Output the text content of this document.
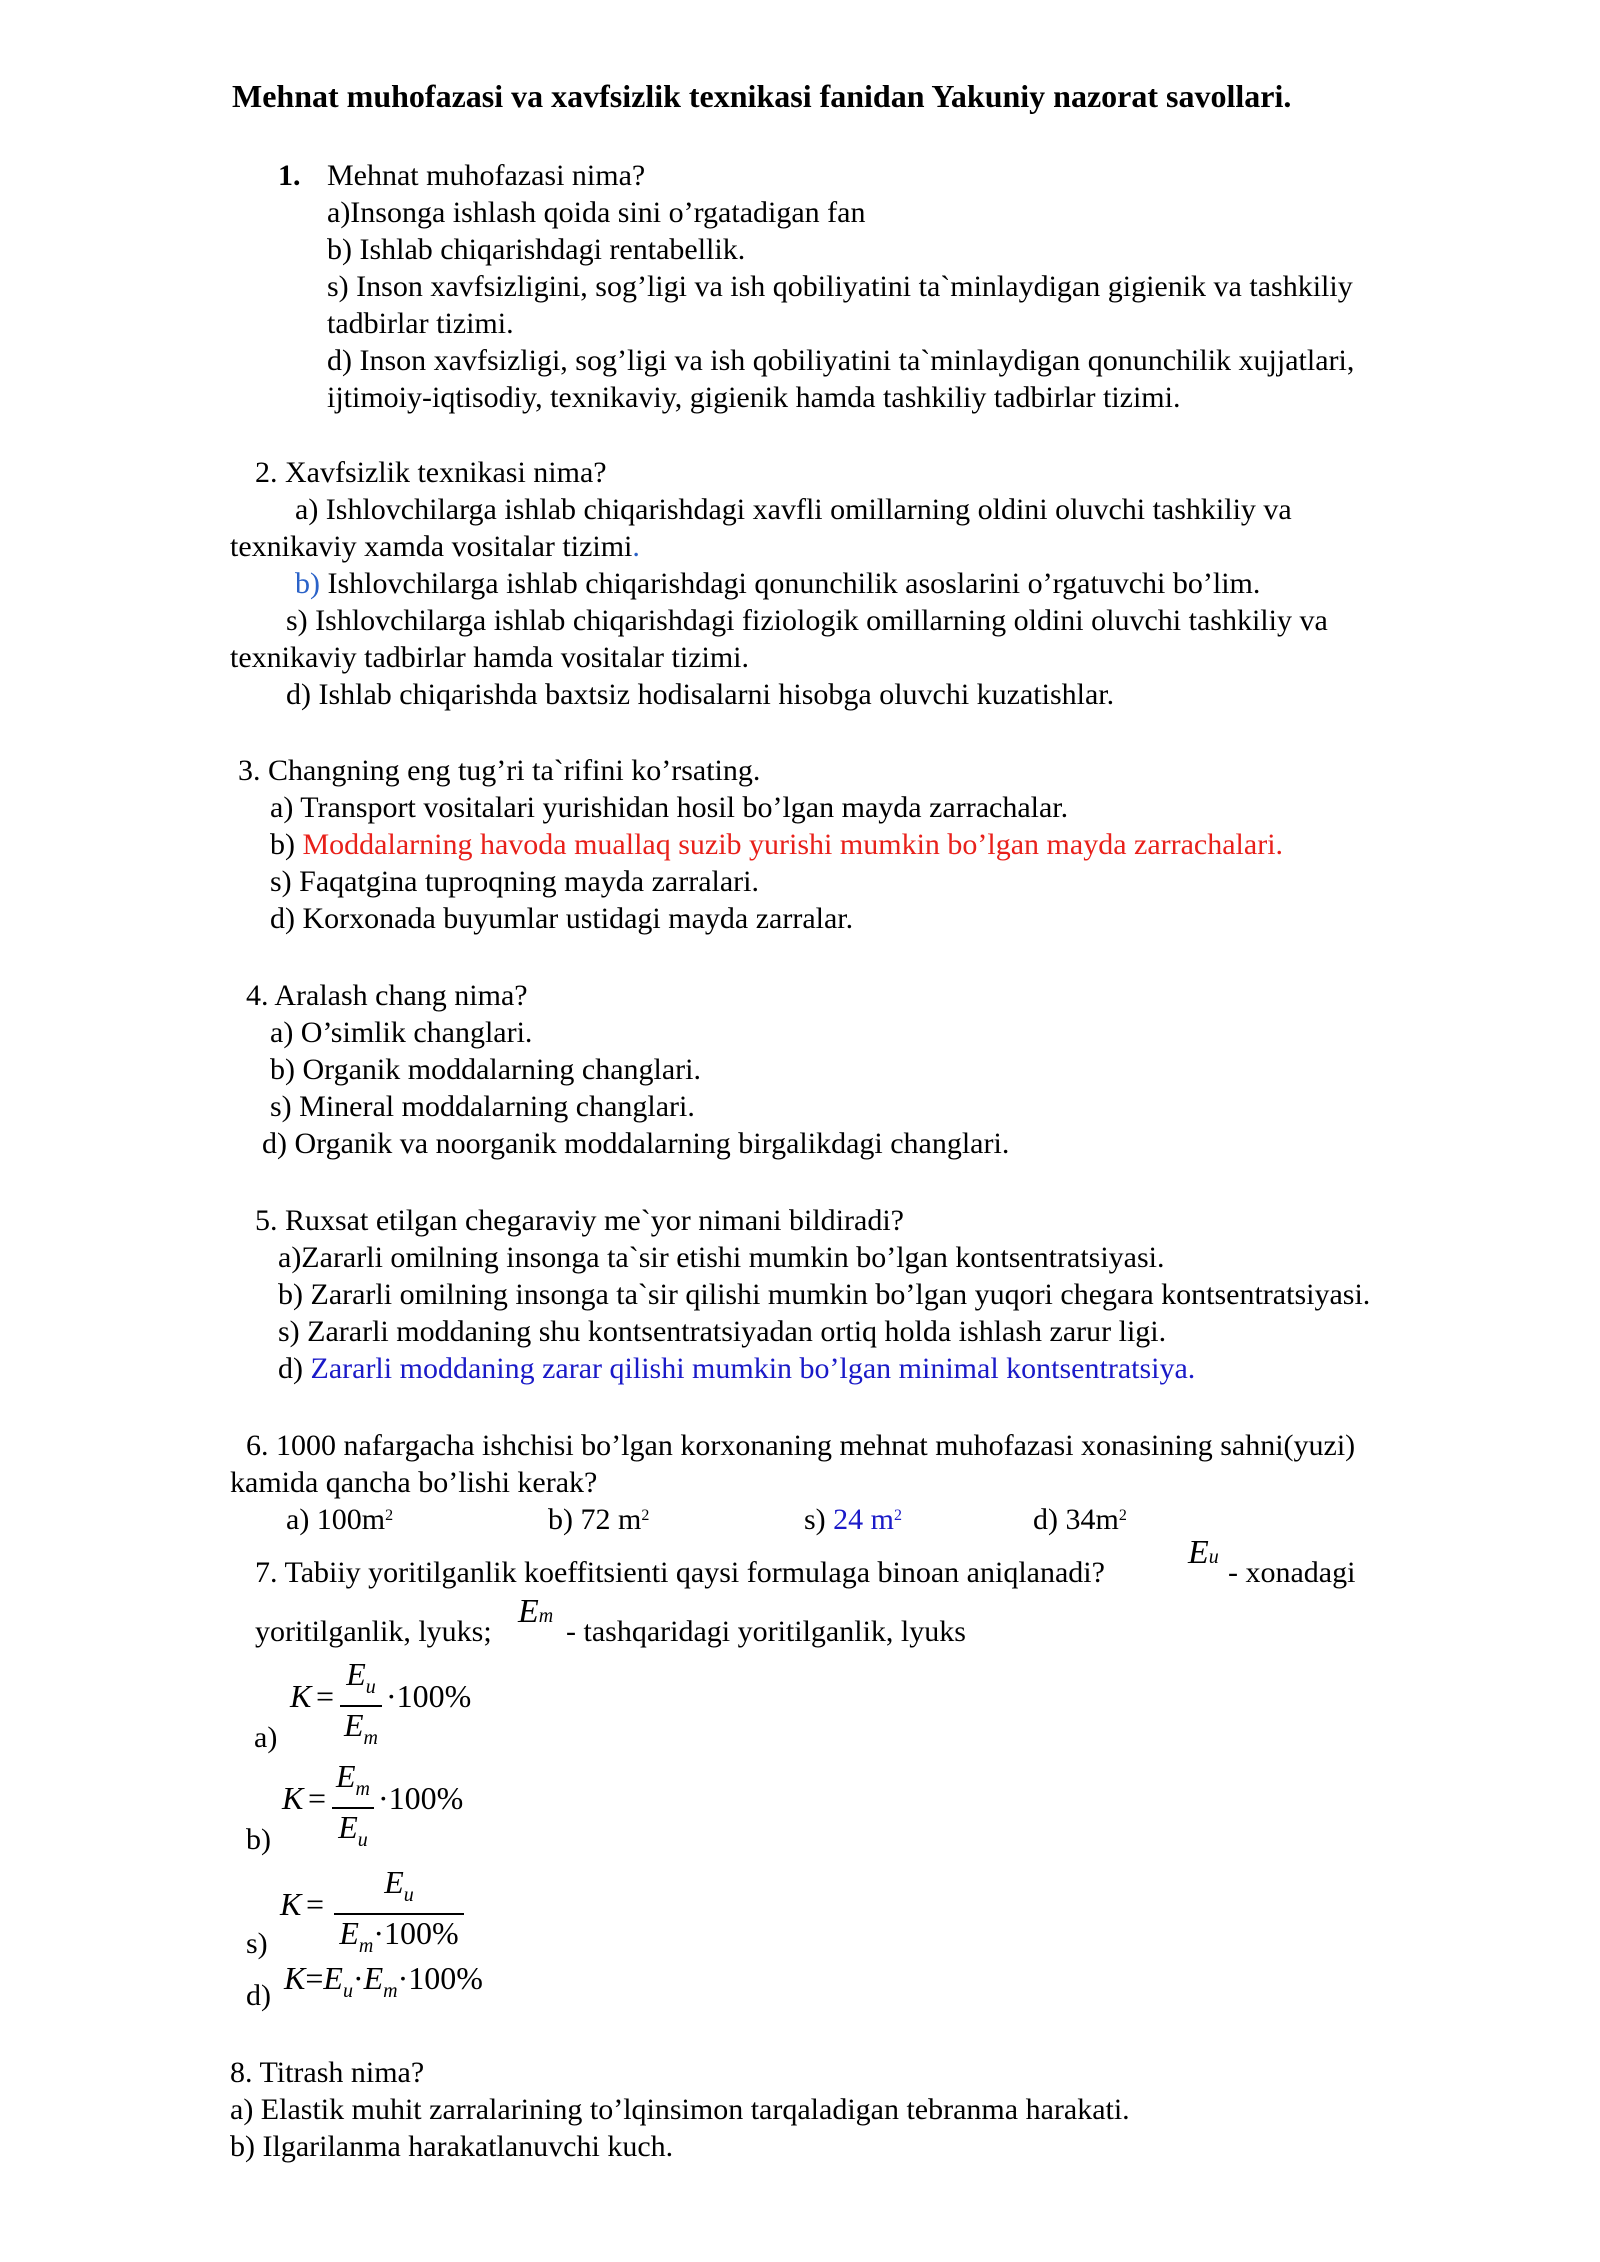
Mehnat muhofazasi va xavfsizlik texnikasi fanidan Yakuniy nazorat savollari.
1. Mehnat muhofazasi nima?
a)Insonga ishlash qoida sini o’rgatadigan fan
b) Ishlab chiqarishdagi rentabellik.
s) Inson xavfsizligini, sog’ligi va ish qobiliyatini ta`minlaydigan gigienik va tashkiliy
tadbirlar tizimi.
d) Inson xavfsizligi, sog’ligi va ish qobiliyatini ta`minlaydigan qonunchilik xujjatlari,
ijtimoiy-iqtisodiy, texnikaviy, gigienik hamda tashkiliy tadbirlar tizimi.
2. Xavfsizlik texnikasi nima?
a) Ishlovchilarga ishlab chiqarishdagi xavfli omillarning oldini oluvchi tashkiliy va
texnikaviy xamda vositalar tizimi.
b) Ishlovchilarga ishlab chiqarishdagi qonunchilik asoslarini o’rgatuvchi bo’lim.
s) Ishlovchilarga ishlab chiqarishdagi fiziologik omillarning oldini oluvchi tashkiliy va
texnikaviy tadbirlar hamda vositalar tizimi.
d) Ishlab chiqarishda baxtsiz hodisalarni hisobga oluvchi kuzatishlar.
3. Changning eng tug’ri ta`rifini ko’rsating.
a) Transport vositalari yurishidan hosil bo’lgan mayda zarrachalar.
b) Moddalarning havoda muallaq suzib yurishi mumkin bo’lgan mayda zarrachalari.
s) Faqatgina tuproqning mayda zarralari.
d) Korxonada buyumlar ustidagi mayda zarralar.
4. Aralash chang nima?
a) O’simlik changlari.
b) Organik moddalarning changlari.
s) Mineral moddalarning changlari.
d) Organik va noorganik moddalarning birgalikdagi changlari.
5. Ruxsat etilgan chegaraviy me`yor nimani bildiradi?
a)Zararli omilning insonga ta`sir etishi mumkin bo’lgan kontsentratsiyasi.
b) Zararli omilning insonga ta`sir qilishi mumkin bo’lgan yuqori chegara kontsentratsiyasi.
s) Zararli moddaning shu kontsentratsiyadan ortiq holda ishlash zarur ligi.
d) Zararli moddaning zarar qilishi mumkin bo’lgan minimal kontsentratsiya.
6. 1000 nafargacha ishchisi bo’lgan korxonaning mehnat muhofazasi xonasining sahni(yuzi)
kamida qancha bo’lishi kerak?
a) $100m^2$	b) 72 $m^2$	s) 24 $m^2$	d) $34m^2$
7. Tabiiy yoritilganlik koeffitsienti qaysi formulaga binoan aniqlanadi?
Eu - xonadagi
yoritilganlik, lyuks;
Em - tashqaridagi yoritilganlik, lyuks
K =
$E_u$
$E_m$
·100%
a)
K =
$E_m$
$E_u$
·100%
b)
K =
$E_u$
$E_m\cdot 100\%$
s)
$K=E_u\cdot E_m\cdot 100\%$
d)
8. Titrash nima?
a) Elastik muhit zarralarining to’lqinsimon tarqaladigan tebranma harakati.
b) Ilgarilanma harakatlanuvchi kuch.
